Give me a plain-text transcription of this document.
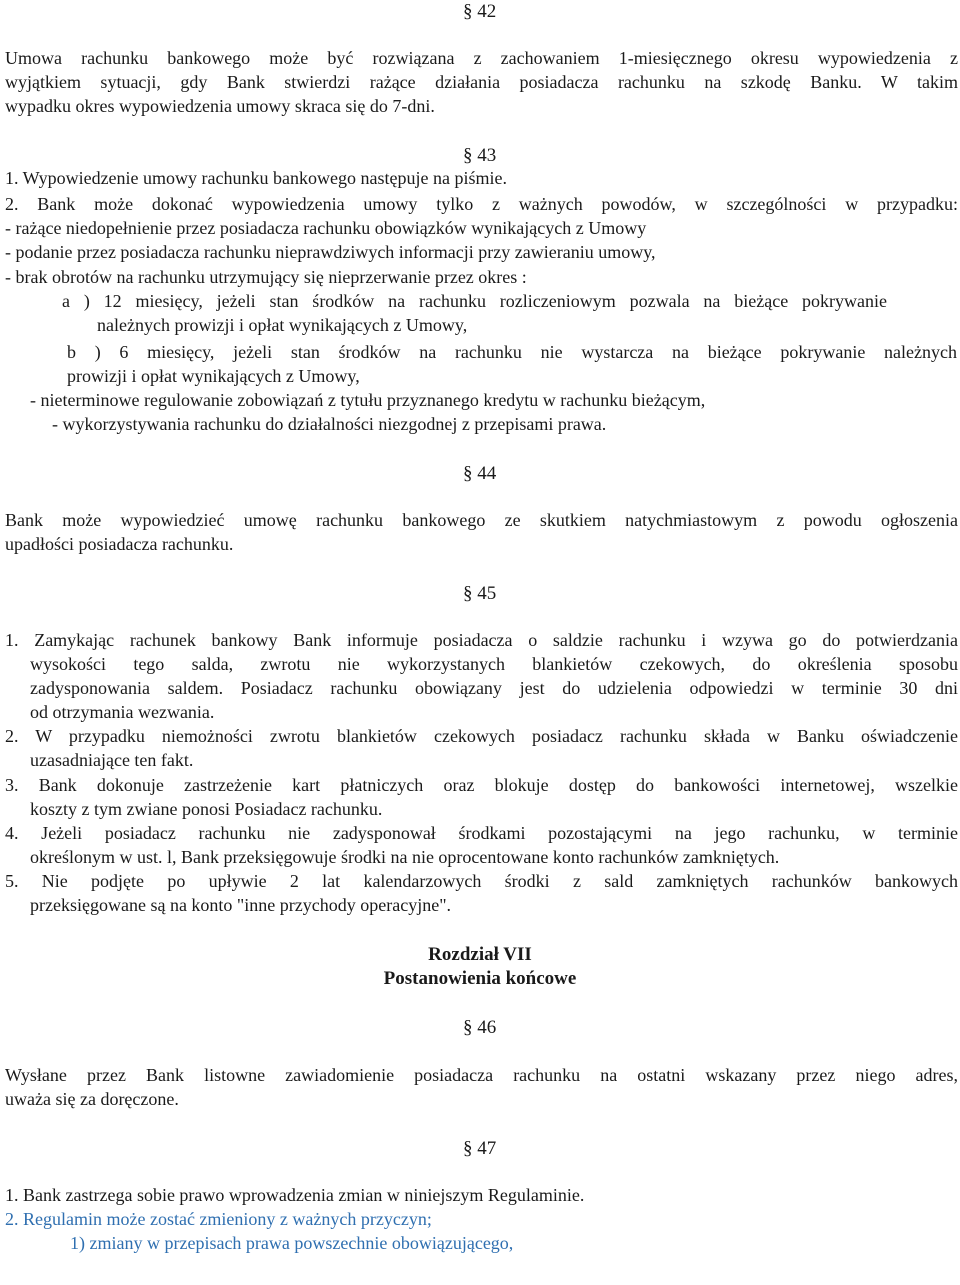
§ 42
Umowa rachunku bankowego może być rozwiązana z zachowaniem 1-miesięcznego okresu wypowiedzenia z
wyjątkiem sytuacji, gdy Bank stwierdzi rażące działania posiadacza rachunku na szkodę Banku. W takim
wypadku okres wypowiedzenia umowy skraca się do 7-dni.
§ 43
1. Wypowiedzenie umowy rachunku bankowego następuje na piśmie.
2. Bank może dokonać wypowiedzenia umowy tylko z ważnych powodów, w szczególności w przypadku:
- rażące niedopełnienie przez posiadacza rachunku obowiązków wynikających z Umowy
- podanie przez posiadacza rachunku nieprawdziwych informacji przy zawieraniu umowy,
- brak obrotów na rachunku utrzymujący się nieprzerwanie przez okres :
a ) 12 miesięcy, jeżeli stan środków na rachunku rozliczeniowym pozwala na bieżące pokrywanie
należnych prowizji i opłat wynikających z Umowy,
b ) 6 miesięcy, jeżeli stan środków na rachunku nie wystarcza na bieżące pokrywanie należnych
prowizji i opłat wynikających z Umowy,
- nieterminowe regulowanie zobowiązań z tytułu przyznanego kredytu w rachunku bieżącym,
- wykorzystywania rachunku do działalności niezgodnej z przepisami prawa.
§ 44
Bank może wypowiedzieć umowę rachunku bankowego ze skutkiem natychmiastowym z powodu ogłoszenia
upadłości posiadacza rachunku.
§ 45
1. Zamykając rachunek bankowy Bank informuje posiadacza o saldzie rachunku i wzywa go do potwierdzania
wysokości tego salda, zwrotu nie wykorzystanych blankietów czekowych, do określenia sposobu
zadysponowania saldem. Posiadacz rachunku obowiązany jest do udzielenia odpowiedzi w terminie 30 dni
od otrzymania wezwania.
2. W przypadku niemożności zwrotu blankietów czekowych posiadacz rachunku składa w Banku oświadczenie
uzasadniające ten fakt.
3. Bank dokonuje zastrzeżenie kart płatniczych oraz blokuje dostęp do bankowości internetowej, wszelkie
koszty z tym zwiane ponosi Posiadacz rachunku.
4. Jeżeli posiadacz rachunku nie zadysponował środkami pozostającymi na jego rachunku, w terminie
określonym w ust. l, Bank przeksięgowuje środki na nie oprocentowane konto rachunków zamkniętych.
5. Nie podjęte po upływie 2 lat kalendarzowych środki z sald zamkniętych rachunków bankowych
przeksięgowane są na konto "inne przychody operacyjne".
Rozdział VII
Postanowienia końcowe
§ 46
Wysłane przez Bank listowne zawiadomienie posiadacza rachunku na ostatni wskazany przez niego adres,
uważa się za doręczone.
§ 47
1. Bank zastrzega sobie prawo wprowadzenia zmian w niniejszym Regulaminie.
2. Regulamin może zostać zmieniony z ważnych przyczyn;
1) zmiany w przepisach prawa powszechnie obowiązującego,
